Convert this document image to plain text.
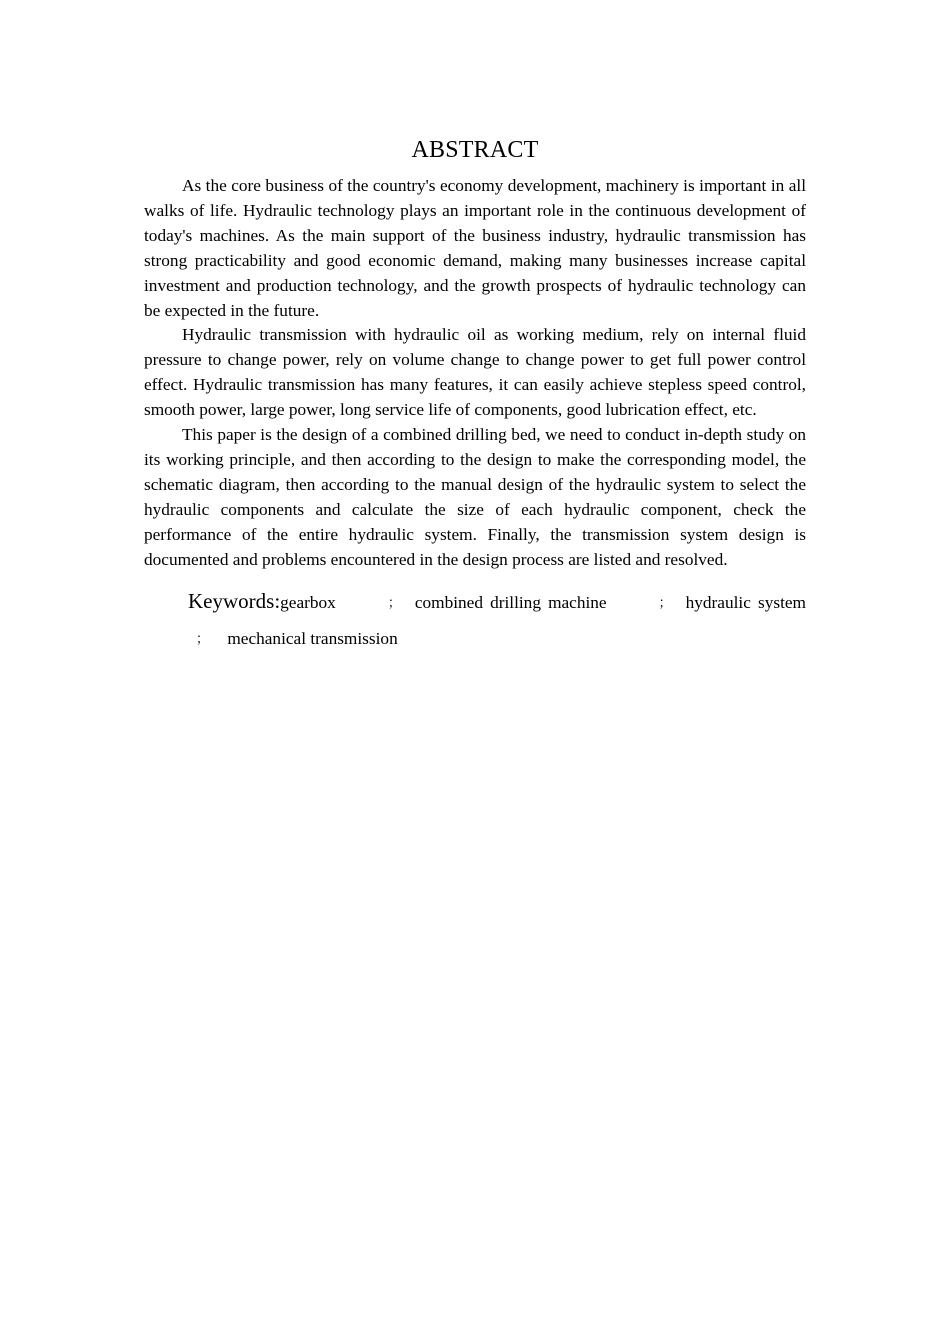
ABSTRACT

As the core business of the country's economy development, machinery is important in all walks of life. Hydraulic technology plays an important role in the continuous development of today's machines. As the main support of the business industry, hydraulic transmission has strong practicability and good economic demand, making many businesses increase capital investment and production technology, and the growth prospects of hydraulic technology can be expected in the future.

Hydraulic transmission with hydraulic oil as working medium, rely on internal fluid pressure to change power, rely on volume change to change power to get full power control effect. Hydraulic transmission has many features, it can easily achieve stepless speed control, smooth power, large power, long service life of components, good lubrication effect, etc.

This paper is the design of a combined drilling bed, we need to conduct in-depth study on its working principle, and then according to the design to make the corresponding model, the schematic diagram, then according to the manual design of the hydraulic system to select the hydraulic components and calculate the size of each hydraulic component, check the performance of the entire hydraulic system. Finally, the transmission system design is documented and problems encountered in the design process are listed and resolved.

Keywords:gearbox	； combined drilling machine	； hydraulic system； mechanical transmission
